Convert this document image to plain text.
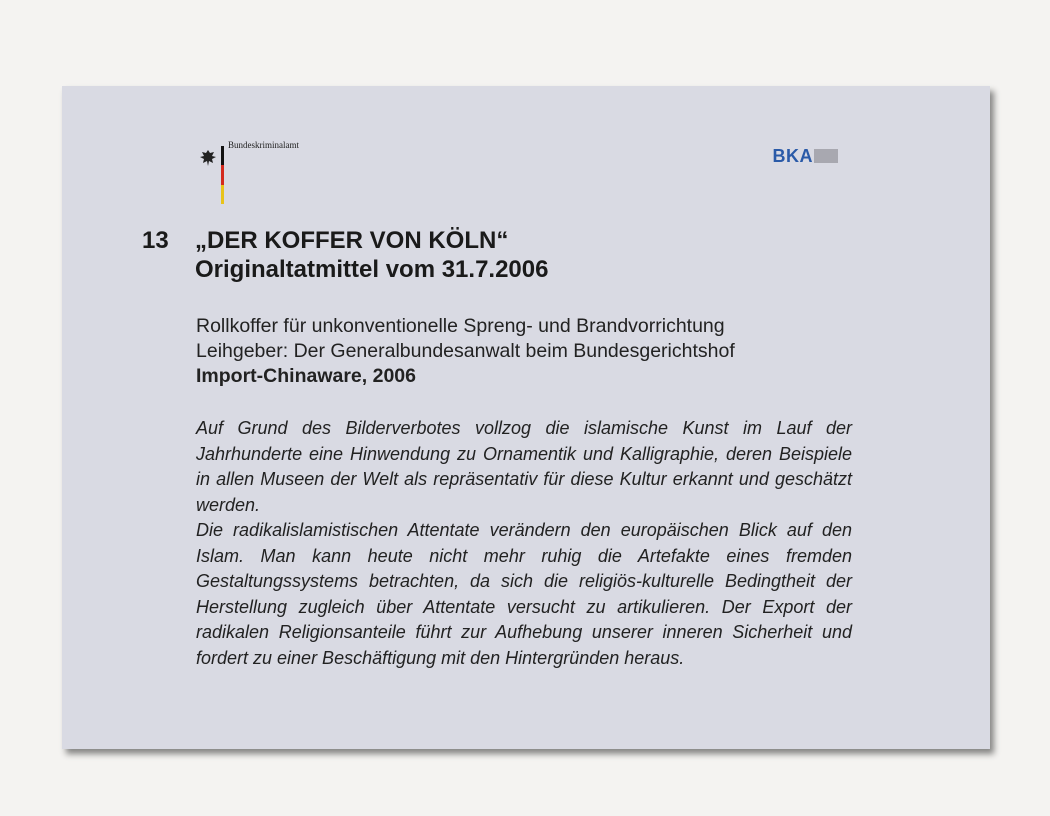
Bundeskriminalamt
BKA
13 „DER KOFFER VON KÖLN“
Originaltatmittel vom 31.7.2006
Rollkoffer für unkonventionelle Spreng- und Brandvorrichtung
Leihgeber: Der Generalbundesanwalt beim Bundesgerichtshof
Import-Chinaware, 2006

Auf Grund des Bilderverbotes vollzog die islamische Kunst im Lauf der Jahrhunderte eine Hinwendung zu Ornamentik und Kalligraphie, deren Beispiele in allen Museen der Welt als repräsentativ für diese Kultur erkannt und geschätzt werden.

Die radikalislamistischen Attentate verändern den europäischen Blick auf den Islam. Man kann heute nicht mehr ruhig die Artefakte eines fremden Gestaltungssystems betrachten, da sich die religiös-kulturelle Bedingtheit der Herstellung zugleich über Attentate versucht zu artikulieren. Der Export der radikalen Religionsanteile führt zur Aufhebung unserer inneren Sicherheit und fordert zu einer Beschäftigung mit den Hintergründen heraus.
